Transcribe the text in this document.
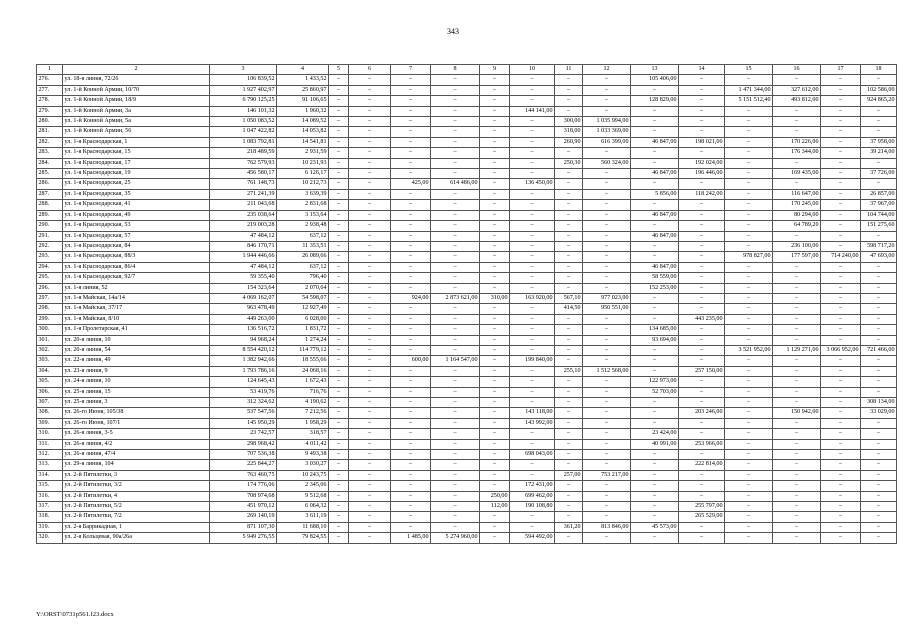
343
1	2	3	4	5	6	7	8	9	10	11	12	13	14	15	16	17	18
276.	ул. 18-я линия, 72/26	106 839,52	1 433,52	–	–	–	–	–	–	–	–	105 406,00	–	–	–	–	–
277.	ул. 1-й Конной Армии, 10/70	1 927 402,97	25 860,97	–	–	–	–	–	–	–	–	–	–	1 471 344,00	327 612,00	–	102 586,00
278.	ул. 1-й Конной Армии, 18/9	6 790 125,25	91 106,65	–	–	–	–	–	–	–	–	128 829,00	–	5 151 512,40	493 812,00	–	924 865,20
279.	ул. 1-й Конной Армии, 3а	146 101,32	1 960,32	–	–	–	–	–	144 141,00	–	–	–	–	–	–	–	–
280.	ул. 1-й Конной Армии, 5а	1 050 083,52	14 089,52	–	–	–	–	–	–	300,00	1 035 994,00	–	–	–	–	–	–
281.	ул. 1-й Конной Армии, 56	1 047 422,82	14 053,82	–	–	–	–	–	–	318,00	1 033 369,00	–	–	–	–	–	–
282.	ул. 1-я Краснодарская, 1	1 083 792,81	14 541,81	–	–	–	–	–	–	260,90	616 399,00	46 847,00	198 021,00	–	170 226,00	–	37 958,00
283.	ул. 1-я Краснодарская, 15	218 489,59	2 931,59	–	–	–	–	–	–	–	–	–	–	–	176 344,00	–	39 214,00
284.	ул. 1-я Краснодарская, 17	762 579,93	10 231,93	–	–	–	–	–	–	250,30	560 324,00	–	192 024,00	–	–	–	–
285.	ул. 1-я Краснодарская, 19	456 580,17	6 126,17	–	–	–	–	–	–	–	–	46 847,00	196 446,00	–	169 435,00	–	37 726,00
286.	ул. 1-я Краснодарская, 25	761 148,73	10 212,73	–	–	425,00	614 486,00	–	136 450,00	–	–	–	–	–	–	–	–
287.	ул. 1-я Краснодарская, 35	271 241,39	3 639,39	–	–	–	–	–	–	–	–	5 856,00	118 242,00	–	116 647,00	–	26 857,00
288.	ул. 1-я Краснодарская, 41	211 043,68	2 831,68	–	–	–	–	–	–	–	–	–	–	–	170 245,00	–	37 967,00
289.	ул. 1-я Краснодарская, 49	235 038,64	3 153,64	–	–	–	–	–	–	–	–	46 847,00	–	–	80 294,00	–	104 744,00
290.	ул. 1-я Краснодарская, 53	219 003,28	2 938,48	–	–	–	–	–	–	–	–	–	–	–	64 789,20	–	151 275,60
291.	ул. 1-я Краснодарская, 57	47 484,12	637,12	–	–	–	–	–	–	–	–	46 847,00	–	–	–	–	–
292.	ул. 1-я Краснодарская, 84	846 170,71	11 353,51	–	–	–	–	–	–	–	–	–	–	–	236 100,00	–	598 717,20
293.	ул. 1-я Краснодарская, 88/3	1 944 446,66	26 089,66	–	–	–	–	–	–	–	–	–	–	978 827,00	177 597,00	714 240,00	47 693,00
294.	ул. 1-я Краснодарская, 86/4	47 484,12	637,12	–	–	–	–	–	–	–	–	46 847,00	–	–	–	–	–
295.	ул. 1-я Краснодарская, 92/7	59 355,40	796,40	–	–	–	–	–	–	–	–	58 559,00	–	–	–	–	–
296.	ул. 1-я линия, 52	154 323,64	2 070,64	–	–	–	–	–	–	–	–	152 253,00	–	–	–	–	–
297.	ул. 1-я Майская, 14а/14	4 069 162,07	54 598,07	–	–	924,00	2 873 621,00	310,00	163 920,00	567,10	977 023,00	–	–	–	–	–	–
298.	ул. 1-я Майская, 37/17	963 478,49	12 927,49	–	–	–	–	–	–	414,50	950 551,00	–	–	–	–	–	–
299.	ул. 1-я Майская, 8/10	449 263,00	6 028,00	–	–	–	–	–	–	–	–	–	443 235,00	–	–	–	–
300.	ул. 1-я Пролетарская, 41	136 516,72	1 831,72	–	–	–	–	–	–	–	–	134 685,00	–	–	–	–	–
301.	ул. 20-я линия, 10	94 968,24	1 274,24	–	–	–	–	–	–	–	–	93 694,00	–	–	–	–	–
302.	ул. 20-я линия, 54	8 554 420,12	114 779,12	–	–	–	–	–	–	–	–	–	–	3 521 952,00	1 129 271,00	3 066 952,00	721 466,00
303.	ул. 22-я линия, 49	1 382 942,66	18 555,66	–	–	600,00	1 164 547,00	–	199 840,00	–	–	–	–	–	–	–	–
304.	ул. 23-я линия, 9	1 793 786,16	24 068,16	–	–	–	–	–	–	255,10	1 512 568,00	–	257 150,00	–	–	–	–
305.	ул. 24-я линия, 10	124 645,43	1 672,43	–	–	–	–	–	–	–	–	122 973,00	–	–	–	–	–
306.	ул. 25-я линия, 15	53 419,76	716,76	–	–	–	–	–	–	–	–	52 703,00	–	–	–	–	–
307.	ул. 25-я линия, 3	312 324,62	4 190,62	–	–	–	–	–	–	–	–	–	–	–	–	–	308 134,00
308.	ул. 26-го Июня, 105/38	537 547,56	7 212,56	–	–	–	–	–	143 118,00	–	–	–	203 246,00	–	150 942,00	–	33 029,00
309.	ул. 26-го Июня, 107/1	145 950,29	1 958,29	–	–	–	–	–	143 992,00	–	–	–	–	–	–	–	–
310.	ул. 26-я линия, 3-5	23 742,57	318,57	–	–	–	–	–	–	–	–	23 424,00	–	–	–	–	–
311.	ул. 26-я линия, 4/2	298 968,42	4 011,42	–	–	–	–	–	–	–	–	40 991,00	253 966,00	–	–	–	–
312.	ул. 26-я линия, 47/4	707 536,38	9 493,38	–	–	–	–	–	698 043,00	–	–	–	–	–	–	–	–
313.	ул. 29-я линия, 104	225 844,27	3 030,27	–	–	–	–	–	–	–	–	–	222 814,00	–	–	–	–
314.	ул. 2-й Пятилетки, 3	763 460,75	10 243,75	–	–	–	–	–	–	257,00	753 217,00	–	–	–	–	–	–
315.	ул. 2-й Пятилетки, 3/2	174 776,06	2 345,06	–	–	–	–	–	172 431,00	–	–	–	–	–	–	–	–
316.	ул. 2-й Пятилетки, 4	708 974,68	9 512,68	–	–	–	–	250,00	699 462,00	–	–	–	–	–	–	–	–
317.	ул. 2-й Пятилетки, 5/2	451 970,12	6 064,32	–	–	–	–	112,00	190 108,80	–	–	–	255 797,00	–	–	–	–
318.	ул. 2-й Пятилетки, 7/2	269 140,19	3 611,19	–	–	–	–	–	–	–	–	–	265 529,00	–	–	–	–
319.	ул. 2-я Баррикадная, 1	871 107,30	11 688,10	–	–	–	–	–	–	361,20	813 846,00	45 573,00	–	–	–	–	–
320.	ул. 2-я Кольцевая, 90а/26а	5 949 276,55	79 824,55	–	–	1 485,00	5 274 960,00	–	594 492,00	–	–	–	–	–	–	–	–
Y:\ORST\0731p561.f23.docx
